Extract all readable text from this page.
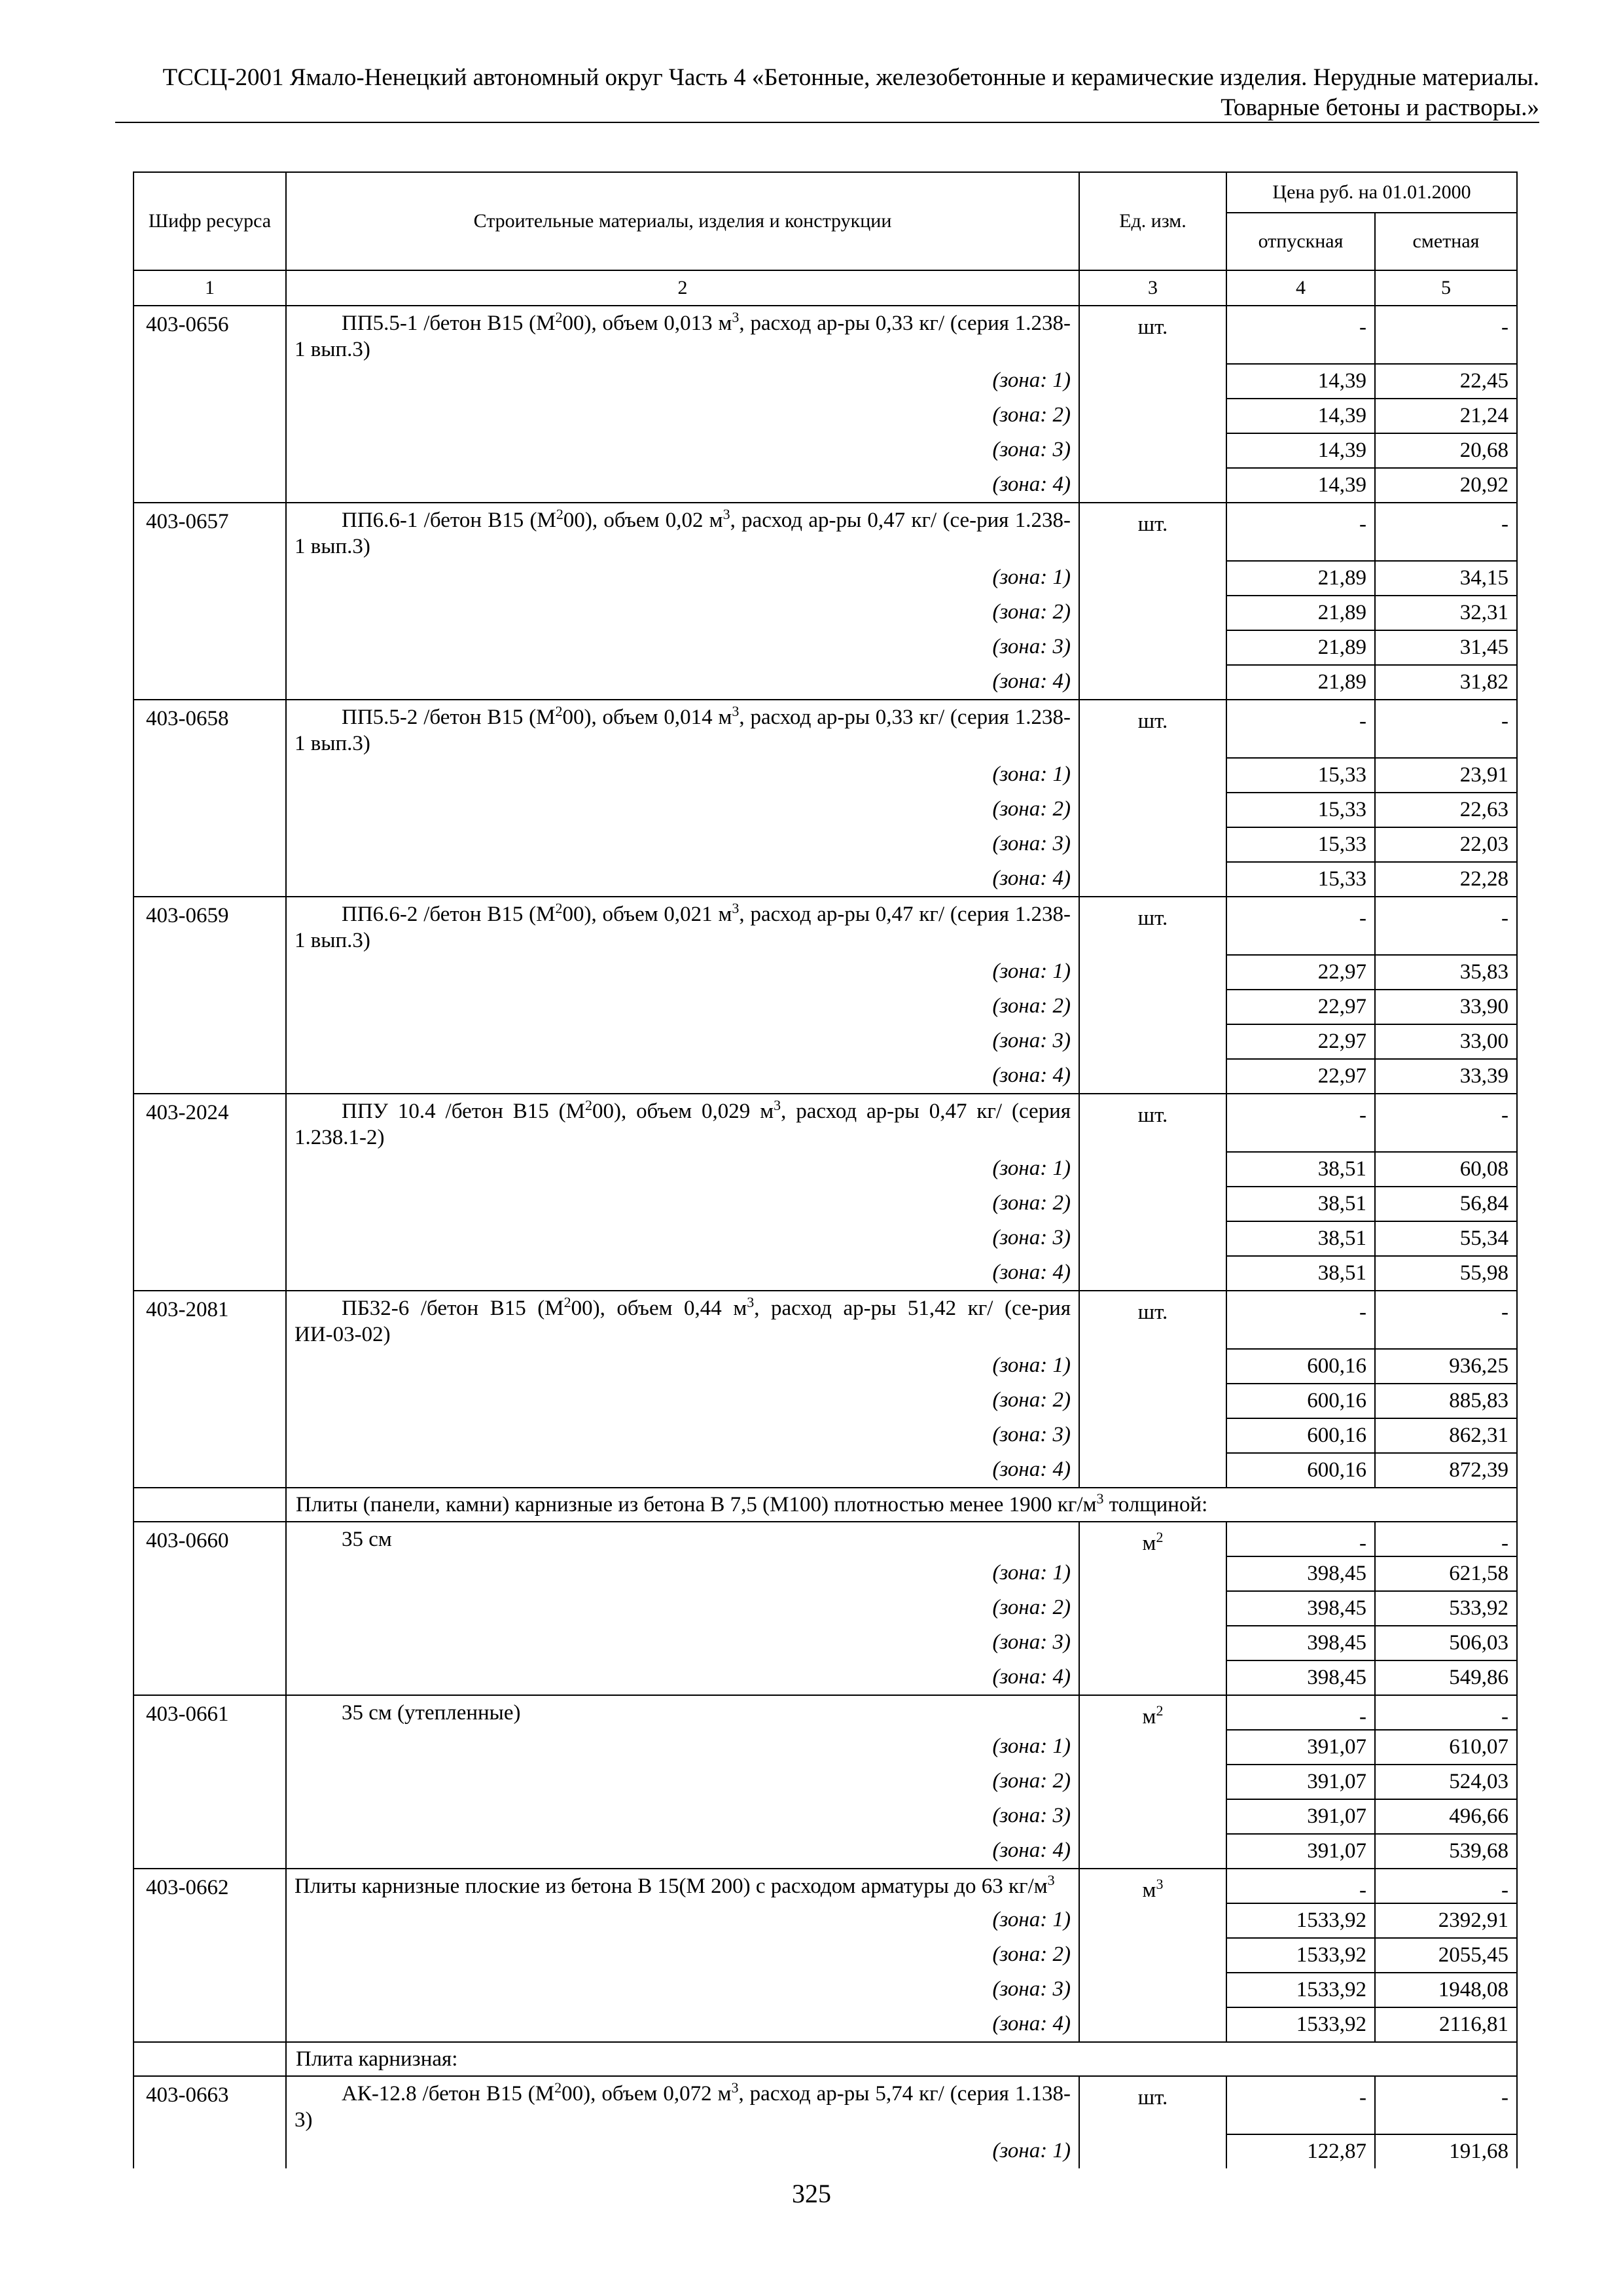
ТССЦ-2001 Ямало-Ненецкий автономный округ Часть 4 «Бетонные, железобетонные и керамические изделия. Нерудные материалы.
Товарные бетоны и растворы.»
Шифр ресурса	Строительные материалы, изделия и конструкции	Ед. изм.	Цена руб. на 01.01.2000	
			отпускная	сметная
1	2	3	4	5
403-0656	ПП5.5-1 /бетон В15 $(М^200)$, объем 0,013 $м^3$, расход ар-ры 0,33 кг/ (серия 1.238-1 вып.3)	шт.	-	-
	(зона: 1)		14,39	22,45
	(зона: 2)		14,39	21,24
	(зона: 3)		14,39	20,68
	(зона: 4)		14,39	20,92
403-0657	ПП6.6-1 /бетон В15 $(М^200)$, объем 0,02 $м^3$, расход ар-ры 0,47 кг/ (се-рия 1.238-1 вып.3)	шт.	-	-
	(зона: 1)		21,89	34,15
	(зона: 2)		21,89	32,31
	(зона: 3)		21,89	31,45
	(зона: 4)		21,89	31,82
403-0658	ПП5.5-2 /бетон В15 $(М^200)$, объем 0,014 $м^3$, расход ар-ры 0,33 кг/ (серия 1.238-1 вып.3)	шт.	-	-
	(зона: 1)		15,33	23,91
	(зона: 2)		15,33	22,63
	(зона: 3)		15,33	22,03
	(зона: 4)		15,33	22,28
403-0659	ПП6.6-2 /бетон В15 $(М^200)$, объем 0,021 $м^3$, расход ар-ры 0,47 кг/ (серия 1.238-1 вып.3)	шт.	-	-
	(зона: 1)		22,97	35,83
	(зона: 2)		22,97	33,90
	(зона: 3)		22,97	33,00
	(зона: 4)		22,97	33,39
403-2024	ППУ 10.4 /бетон В15 $(М^200)$, объем 0,029 $м^3$, расход ар-ры 0,47 кг/ (серия 1.238.1-2)	шт.	-	-
	(зона: 1)		38,51	60,08
	(зона: 2)		38,51	56,84
	(зона: 3)		38,51	55,34
	(зона: 4)		38,51	55,98
403-2081	ПБ32-6 /бетон В15 $(М^200)$, объем 0,44 $м^3$, расход ар-ры 51,42 кг/ (се-рия ИИ-03-02)	шт.	-	-
	(зона: 1)		600,16	936,25
	(зона: 2)		600,16	885,83
	(зона: 3)		600,16	862,31
	(зона: 4)		600,16	872,39
	Плиты (панели, камни) карнизные из бетона В 7,5 (М100) плотностью менее 1900 $кг/м^3$ толщиной:			
403-0660	35 см	$м^2$	-	-
	(зона: 1)		398,45	621,58
	(зона: 2)		398,45	533,92
	(зона: 3)		398,45	506,03
	(зона: 4)		398,45	549,86
403-0661	35 см (утепленные)	$м^2$	-	-
	(зона: 1)		391,07	610,07
	(зона: 2)		391,07	524,03
	(зона: 3)		391,07	496,66
	(зона: 4)		391,07	539,68
403-0662	Плиты карнизные плоские из бетона В 15(М 200) с расходом арматуры до 63 $кг/м^3$	$м^3$	-	-
	(зона: 1)		1533,92	2392,91
	(зона: 2)		1533,92	2055,45
	(зона: 3)		1533,92	1948,08
	(зона: 4)		1533,92	2116,81
	Плита карнизная:			
403-0663	АК-12.8 /бетон В15 $(М^200)$, объем 0,072 $м^3$, расход ар-ры 5,74 кг/ (серия 1.138-3)	шт.	-	-
	(зона: 1)		122,87	191,68
325
